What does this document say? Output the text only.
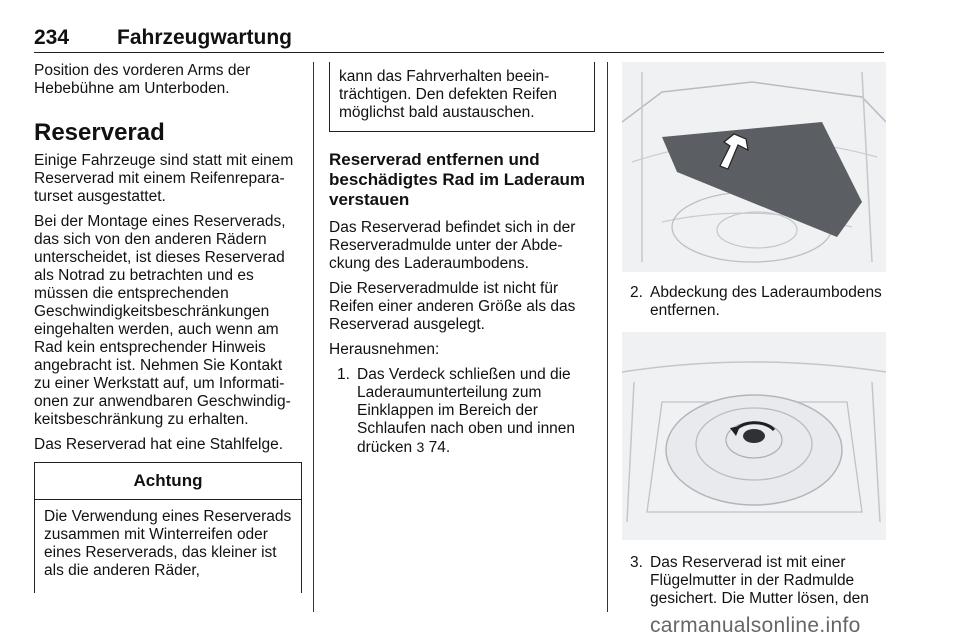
234 Fahrzeugwartung

Position des vorderen Arms der Hebebühne am Unterboden.

Reserverad

Einige Fahrzeuge sind statt mit einem Reserverad mit einem Reifenreparaturset ausgestattet.

Bei der Montage eines Reserverads, das sich von den anderen Rädern unterscheidet, ist dieses Reserverad als Notrad zu betrachten und es müssen die entsprechenden Geschwindigkeitsbeschränkungen eingehalten werden, auch wenn am Rad kein entsprechender Hinweis angebracht ist. Nehmen Sie Kontakt zu einer Werkstatt auf, um Informationen zur anwendbaren Geschwindigkeitsbeschränkung zu erhalten.

Das Reserverad hat eine Stahlfelge.

Achtung
Die Verwendung eines Reserverads zusammen mit Winterreifen oder eines Reserverads, das kleiner ist als die anderen Räder,
kann das Fahrverhalten beeinträchtigen. Den defekten Reifen möglichst bald austauschen.
Reserverad entfernen und beschädigtes Rad im Laderaum verstauen

Das Reserverad befindet sich in der Reserveradmulde unter der Abdeckung des Laderaumbodens.

Die Reserveradmulde ist nicht für Reifen einer anderen Größe als das Reserverad ausgelegt.

Herausnehmen:

1. Das Verdeck schließen und die Laderaumunterteilung zum Einklappen im Bereich der Schlaufen nach oben und innen drücken 3 74.
2. Abdeckung des Laderaumbodens entfernen.
3. Das Reserverad ist mit einer Flügelmutter in der Radmulde gesichert. Die Mutter lösen, den
carmanualsonline.info
